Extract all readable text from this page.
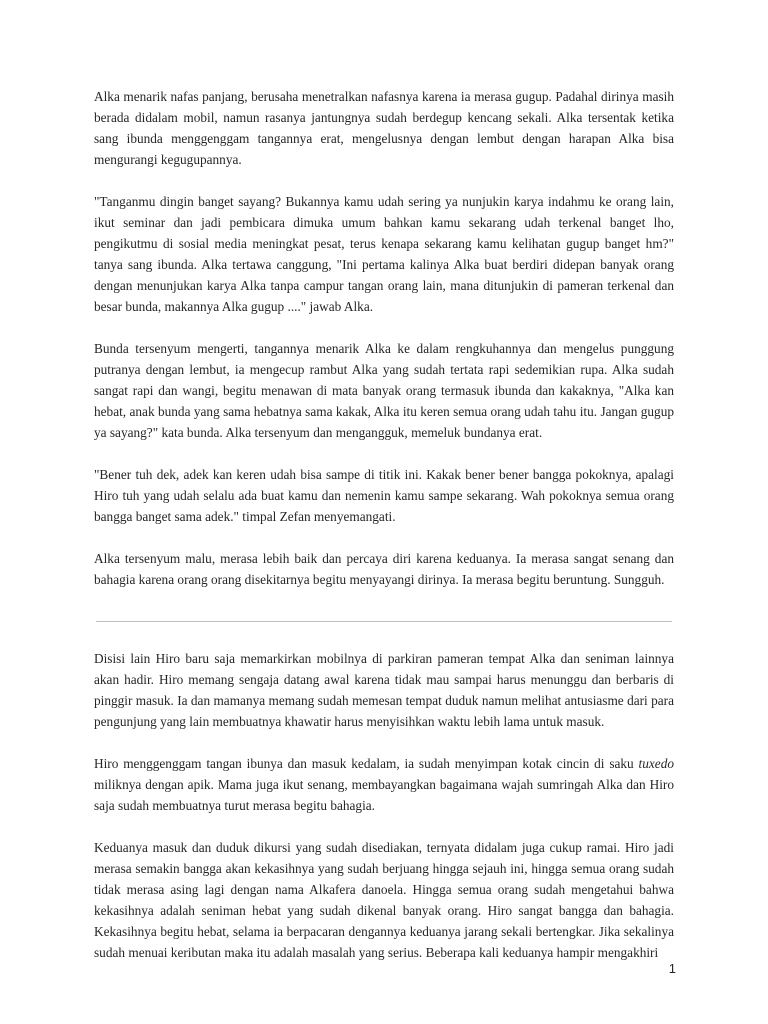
Alka menarik nafas panjang, berusaha menetralkan nafasnya karena ia merasa gugup. Padahal dirinya masih berada didalam mobil, namun rasanya jantungnya sudah berdegup kencang sekali. Alka tersentak ketika sang ibunda menggenggam tangannya erat, mengelusnya dengan lembut dengan harapan Alka bisa mengurangi kegugupannya.

"Tanganmu dingin banget sayang? Bukannya kamu udah sering ya nunjukin karya indahmu ke orang lain, ikut seminar dan jadi pembicara dimuka umum bahkan kamu sekarang udah terkenal banget lho, pengikutmu di sosial media meningkat pesat, terus kenapa sekarang kamu kelihatan gugup banget hm?" tanya sang ibunda. Alka tertawa canggung, "Ini pertama kalinya Alka buat berdiri didepan banyak orang dengan menunjukan karya Alka tanpa campur tangan orang lain, mana ditunjukin di pameran terkenal dan besar bunda, makannya Alka gugup ...." jawab Alka.

Bunda tersenyum mengerti, tangannya menarik Alka ke dalam rengkuhannya dan mengelus punggung putranya dengan lembut, ia mengecup rambut Alka yang sudah tertata rapi sedemikian rupa. Alka sudah sangat rapi dan wangi, begitu menawan di mata banyak orang termasuk ibunda dan kakaknya, "Alka kan hebat, anak bunda yang sama hebatnya sama kakak, Alka itu keren semua orang udah tahu itu. Jangan gugup ya sayang?" kata bunda. Alka tersenyum dan mengangguk, memeluk bundanya erat.

"Bener tuh dek, adek kan keren udah bisa sampe di titik ini. Kakak bener bener bangga pokoknya, apalagi Hiro tuh yang udah selalu ada buat kamu dan nemenin kamu sampe sekarang. Wah pokoknya semua orang bangga banget sama adek." timpal Zefan menyemangati.

Alka tersenyum malu, merasa lebih baik dan percaya diri karena keduanya. Ia merasa sangat senang dan bahagia karena orang orang disekitarnya begitu menyayangi dirinya. Ia merasa begitu beruntung. Sungguh.

Disisi lain Hiro baru saja memarkirkan mobilnya di parkiran pameran tempat Alka dan seniman lainnya akan hadir. Hiro memang sengaja datang awal karena tidak mau sampai harus menunggu dan berbaris di pinggir masuk. Ia dan mamanya memang sudah memesan tempat duduk namun melihat antusiasme dari para pengunjung yang lain membuatnya khawatir harus menyisihkan waktu lebih lama untuk masuk.

Hiro menggenggam tangan ibunya dan masuk kedalam, ia sudah menyimpan kotak cincin di saku tuxedo miliknya dengan apik. Mama juga ikut senang, membayangkan bagaimana wajah sumringah Alka dan Hiro saja sudah membuatnya turut merasa begitu bahagia.

Keduanya masuk dan duduk dikursi yang sudah disediakan, ternyata didalam juga cukup ramai. Hiro jadi merasa semakin bangga akan kekasihnya yang sudah berjuang hingga sejauh ini, hingga semua orang sudah tidak merasa asing lagi dengan nama Alkafera danoela. Hingga semua orang sudah mengetahui bahwa kekasihnya adalah seniman hebat yang sudah dikenal banyak orang. Hiro sangat bangga dan bahagia. Kekasihnya begitu hebat, selama ia berpacaran dengannya keduanya jarang sekali bertengkar. Jika sekalinya sudah menuai keributan maka itu adalah masalah yang serius. Beberapa kali keduanya hampir mengakhiri

1
